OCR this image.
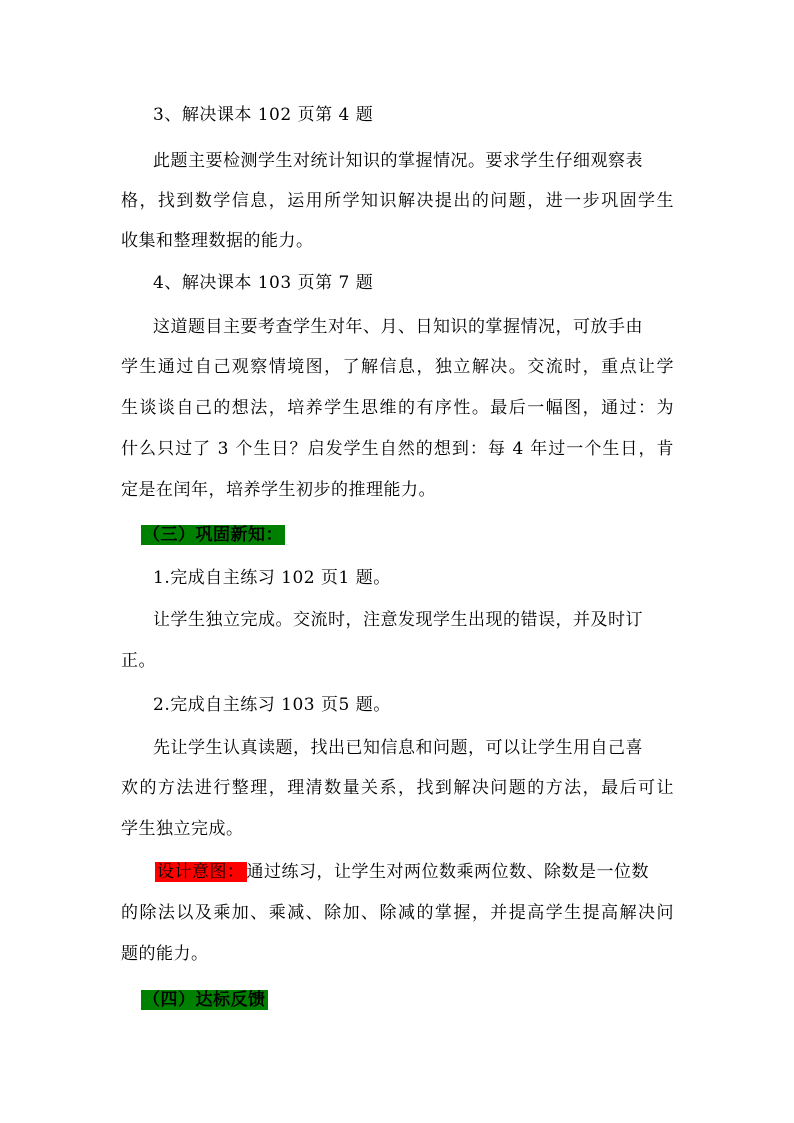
3、解决课本 102 页第 4 题
此题主要检测学生对统计知识的掌握情况。要求学生仔细观察表
格，找到数学信息，运用所学知识解决提出的问题，进一步巩固学生
收集和整理数据的能力。
4、解决课本 103 页第 7 题
这道题目主要考查学生对年、月、日知识的掌握情况，可放手由
学生通过自己观察情境图，了解信息，独立解决。交流时，重点让学
生谈谈自己的想法，培养学生思维的有序性。最后一幅图，通过：为
什么只过了 3 个生日？启发学生自然的想到：每 4 年过一个生日，肯
定是在闰年，培养学生初步的推理能力。
（三）巩固新知：
1.完成自主练习 102 页1 题。
让学生独立完成。交流时，注意发现学生出现的错误，并及时订
正。
2.完成自主练习 103 页5 题。
先让学生认真读题，找出已知信息和问题，可以让学生用自己喜
欢的方法进行整理，理清数量关系，找到解决问题的方法，最后可让
学生独立完成。
设计意图： 通过练习，让学生对两位数乘两位数、除数是一位数
的除法以及乘加、乘减、除加、除减的掌握，并提高学生提高解决问
题的能力。
（四）达标反馈
